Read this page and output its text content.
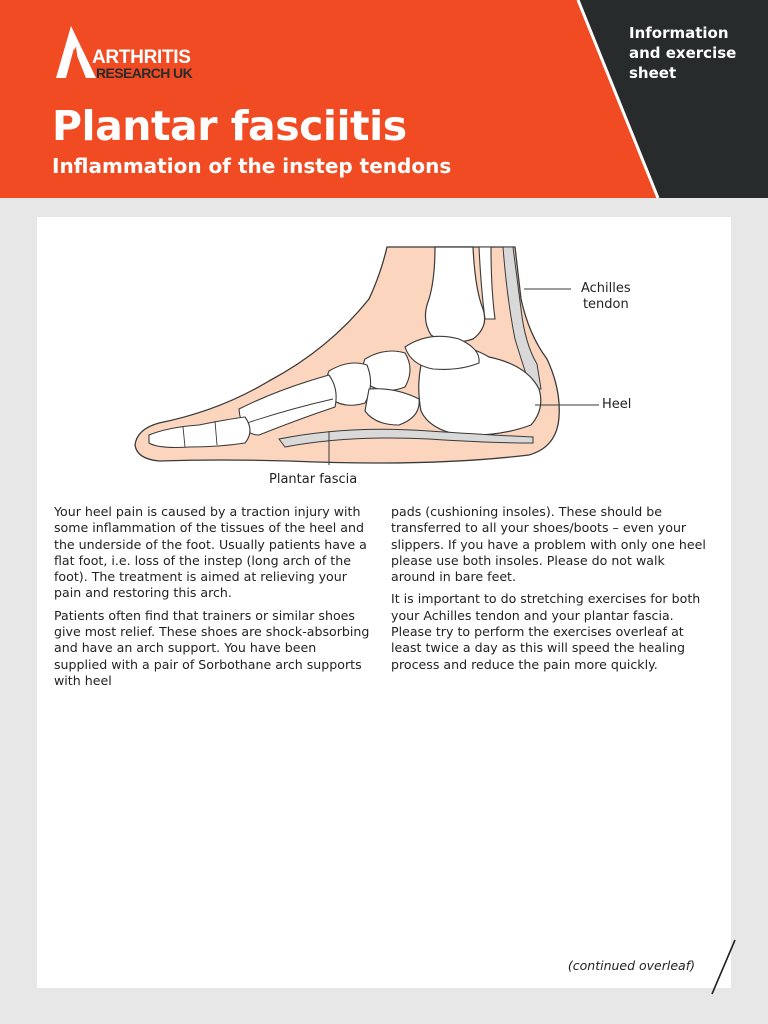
ARTHRITIS
RESEARCH UK
Plantar fasciitis
Inflammation of the instep tendons
Information
and exercise
sheet
Achilles
tendon
Heel
Plantar fascia

Your heel pain is caused by a traction injury with some inflammation of the tissues of the heel and the underside of the foot. Usually patients have a flat foot, i.e. loss of the instep (long arch of the foot). The treatment is aimed at relieving your pain and restoring this arch.

Patients often find that trainers or similar shoes give most relief. These shoes are shock-absorbing and have an arch support. You have been supplied with a pair of Sorbothane arch supports with heel

pads (cushioning insoles). These should be transferred to all your shoes/boots – even your slippers. If you have a problem with only one heel please use both insoles. Please do not walk around in bare feet.

It is important to do stretching exercises for both your Achilles tendon and your plantar fascia. Please try to perform the exercises overleaf at least twice a day as this will speed the healing process and reduce the pain more quickly.

(continued overleaf)
